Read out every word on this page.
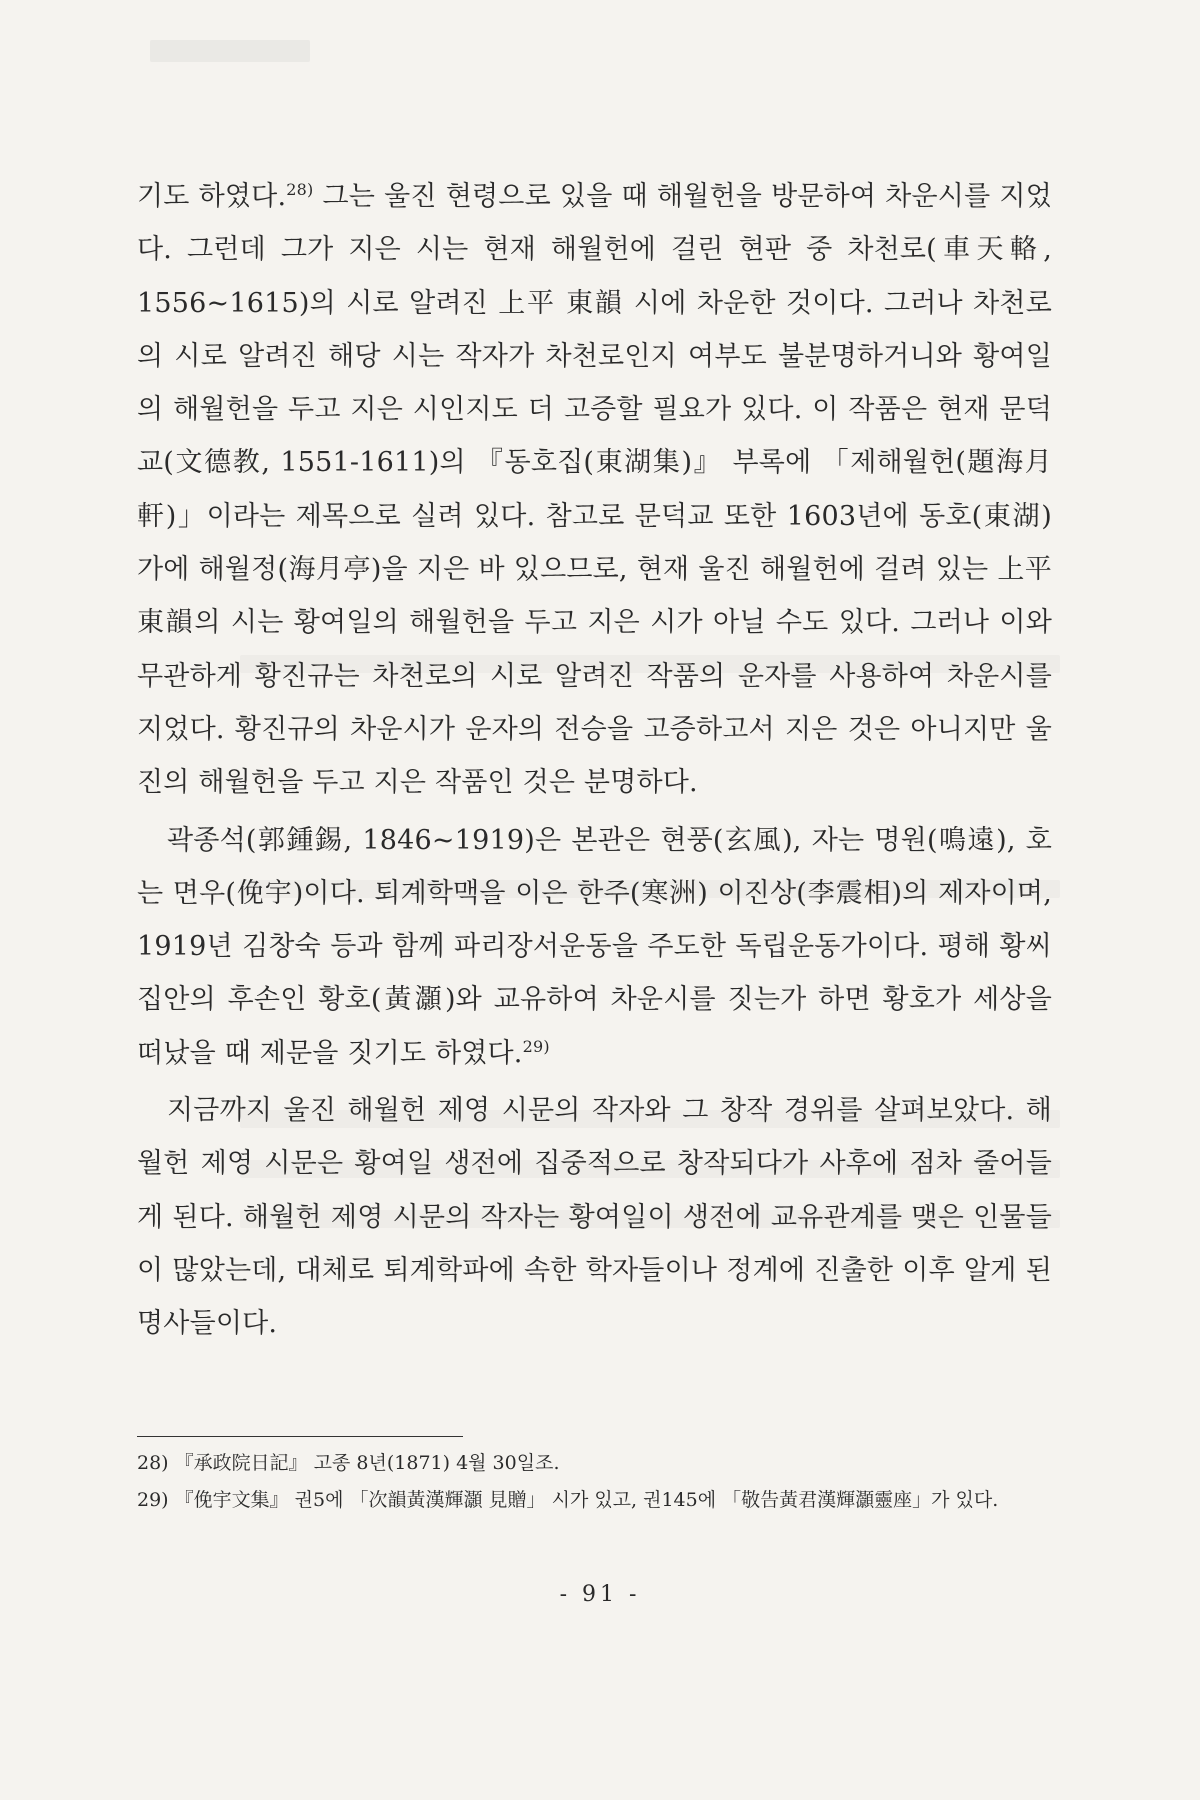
기도 하였다.$^{28)}$ 그는 울진 현령으로 있을 때 해월헌을 방문하여 차운시를 지었다. 그런데 그가 지은 시는 현재 해월헌에 걸린 현판 중 차천로(車天輅, 1556~1615)의 시로 알려진 上平 東韻 시에 차운한 것이다. 그러나 차천로의 시로 알려진 해당 시는 작자가 차천로인지 여부도 불분명하거니와 황여일의 해월헌을 두고 지은 시인지도 더 고증할 필요가 있다. 이 작품은 현재 문덕교(文德教, 1551-1611)의 『동호집(東湖集)』 부록에 「제해월헌(題海月軒)」이라는 제목으로 실려 있다. 참고로 문덕교 또한 1603년에 동호(東湖) 가에 해월정(海月亭)을 지은 바 있으므로, 현재 울진 해월헌에 걸려 있는 上平 東韻의 시는 황여일의 해월헌을 두고 지은 시가 아닐 수도 있다. 그러나 이와 무관하게 황진규는 차천로의 시로 알려진 작품의 운자를 사용하여 차운시를 지었다. 황진규의 차운시가 운자의 전승을 고증하고서 지은 것은 아니지만 울진의 해월헌을 두고 지은 작품인 것은 분명하다.

곽종석(郭鍾錫, 1846~1919)은 본관은 현풍(玄風), 자는 명원(鳴遠), 호는 면우(俛宇)이다. 퇴계학맥을 이은 한주(寒洲) 이진상(李震相)의 제자이며, 1919년 김창숙 등과 함께 파리장서운동을 주도한 독립운동가이다. 평해 황씨 집안의 후손인 황호(黃灝)와 교유하여 차운시를 짓는가 하면 황호가 세상을 떠났을 때 제문을 짓기도 하였다.$^{29)}$

지금까지 울진 해월헌 제영 시문의 작자와 그 창작 경위를 살펴보았다. 해월헌 제영 시문은 황여일 생전에 집중적으로 창작되다가 사후에 점차 줄어들게 된다. 해월헌 제영 시문의 작자는 황여일이 생전에 교유관계를 맺은 인물들이 많았는데, 대체로 퇴계학파에 속한 학자들이나 정계에 진출한 이후 알게 된 명사들이다.

28) 『承政院日記』 고종 8년(1871) 4월 30일조.
29) 『俛宇文集』 권5에 「次韻黃漢輝灝 見贈」 시가 있고, 권145에 「敬告黃君漢輝灝靈座」가 있다.
- 91 -
